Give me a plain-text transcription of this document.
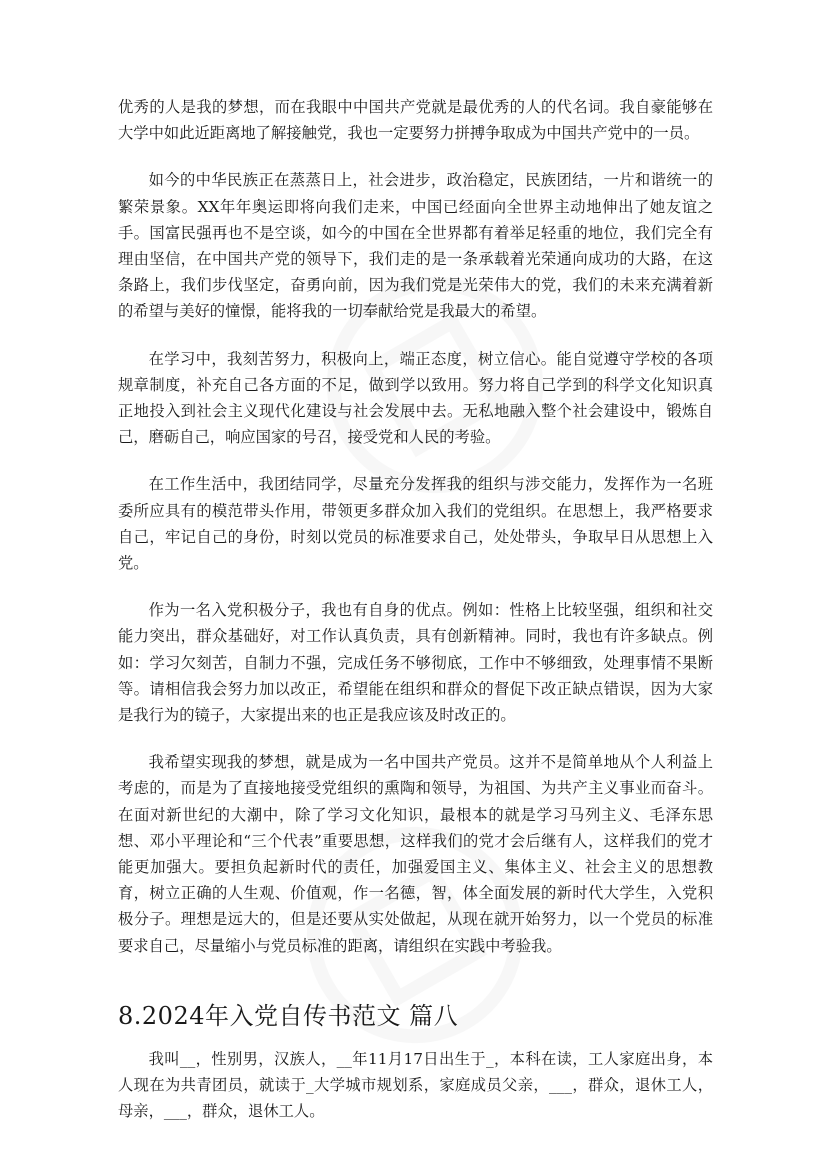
优秀的人是我的梦想，而在我眼中中国共产党就是最优秀的人的代名词。我自豪能够在大学中如此近距离地了解接触党，我也一定要努力拼搏争取成为中国共产党中的一员。

如今的中华民族正在蒸蒸日上，社会进步，政治稳定，民族团结，一片和谐统一的繁荣景象。XX年年奥运即将向我们走来，中国已经面向全世界主动地伸出了她友谊之手。国富民强再也不是空谈，如今的中国在全世界都有着举足轻重的地位，我们完全有理由坚信，在中国共产党的领导下，我们走的是一条承载着光荣通向成功的大路，在这条路上，我们步伐坚定，奋勇向前，因为我们党是光荣伟大的党，我们的未来充满着新的希望与美好的憧憬，能将我的一切奉献给党是我最大的希望。

在学习中，我刻苦努力，积极向上，端正态度，树立信心。能自觉遵守学校的各项规章制度，补充自己各方面的不足，做到学以致用。努力将自己学到的科学文化知识真正地投入到社会主义现代化建设与社会发展中去。无私地融入整个社会建设中，锻炼自己，磨砺自己，响应国家的号召，接受党和人民的考验。

在工作生活中，我团结同学，尽量充分发挥我的组织与涉交能力，发挥作为一名班委所应具有的模范带头作用，带领更多群众加入我们的党组织。在思想上，我严格要求自己，牢记自己的身份，时刻以党员的标准要求自己，处处带头，争取早日从思想上入党。

作为一名入党积极分子，我也有自身的优点。例如：性格上比较坚强，组织和社交能力突出，群众基础好，对工作认真负责，具有创新精神。同时，我也有许多缺点。例如：学习欠刻苦，自制力不强，完成任务不够彻底，工作中不够细致，处理事情不果断等。请相信我会努力加以改正，希望能在组织和群众的督促下改正缺点错误，因为大家是我行为的镜子，大家提出来的也正是我应该及时改正的。

我希望实现我的梦想，就是成为一名中国共产党员。这并不是简单地从个人利益上考虑的，而是为了直接地接受党组织的熏陶和领导，为祖国、为共产主义事业而奋斗。在面对新世纪的大潮中，除了学习文化知识，最根本的就是学习马列主义、毛泽东思想、邓小平理论和“三个代表”重要思想，这样我们的党才会后继有人，这样我们的党才能更加强大。要担负起新时代的责任，加强爱国主义、集体主义、社会主义的思想教育，树立正确的人生观、价值观，作一名德，智，体全面发展的新时代大学生，入党积极分子。理想是远大的，但是还要从实处做起，从现在就开始努力，以一个党员的标准要求自己，尽量缩小与党员标准的距离，请组织在实践中考验我。

8.2024年入党自传书范文 篇八

我叫__，性别男，汉族人，__年11月17日出生于_，本科在读，工人家庭出身，本人现在为共青团员，就读于_大学城市规划系，家庭成员父亲，___，群众，退休工人，母亲，___，群众，退休工人。
